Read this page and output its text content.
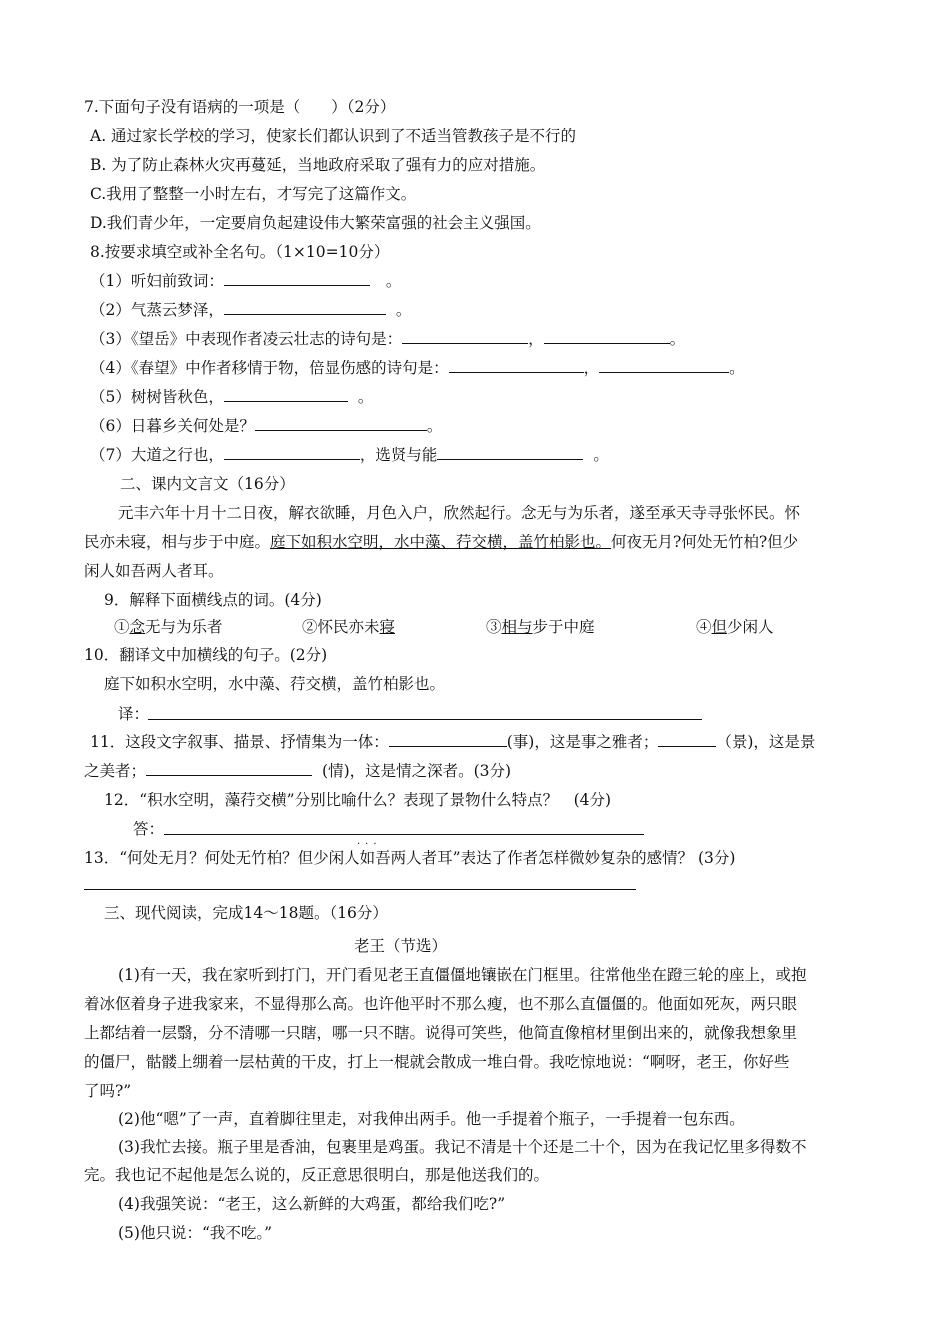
7.下面句子没有语病的一项是（　　）（2分）
A. 通过家长学校的学习，使家长们都认识到了不适当管教孩子是不行的
B. 为了防止森林火灾再蔓延，当地政府采取了强有力的应对措施。
C.我用了整整一小时左右，才写完了这篇作文。
D.我们青少年，一定要肩负起建设伟大繁荣富强的社会主义强国。
8.按要求填空或补全名句。（1×10=10分）
（1）听妇前致词：	。
（2）气蒸云梦泽，	。
（3）《望岳》中表现作者凌云壮志的诗句是：	，	。
（4）《春望》中作者移情于物，倍显伤感的诗句是：	，	。
（5）树树皆秋色，	。
（6）日暮乡关何处是？	。
（7）大道之行也，	，选贤与能	。
二、课内文言文（16分）
元丰六年十月十二日夜，解衣欲睡，月色入户，欣然起行。念无与为乐者，遂至承天寺寻张怀民。怀
民亦未寝，相与步于中庭。庭下如积水空明，水中藻、荇交横，盖竹柏影也。何夜无月?何处无竹柏?但少
闲人如吾两人者耳。
9．解释下面横线点的词。(4分)
①念无与为乐者	②怀民亦未寝	③相与步于中庭	④但少闲人
10．翻译文中加横线的句子。(2分)
庭下如积水空明，水中藻、荇交横，盖竹柏影也。
译：
11．这段文字叙事、描景、抒情集为一体：	(事)，这是事之雅者；	（景)，这是景
之美者；	(情)，这是情之深者。(3分)
12．“积水空明，藻荇交横”分别比喻什么？表现了景物什么特点？　(4分)
答：
···
13．“何处无月？何处无竹柏？但少闲人如吾两人者耳”表达了作者怎样微妙复杂的感情？ (3分)
三、现代阅读，完成14～18题。（16分）
老王（节选）
(1)有一天，我在家听到打门，开门看见老王直僵僵地镶嵌在门框里。往常他坐在蹬三轮的座上，或抱
着冰伛着身子进我家来，不显得那么高。也许他平时不那么瘦，也不那么直僵僵的。他面如死灰，两只眼
上都结着一层翳，分不清哪一只瞎，哪一只不瞎。说得可笑些，他简直像棺材里倒出来的，就像我想象里
的僵尸，骷髅上绷着一层枯黄的干皮，打上一棍就会散成一堆白骨。我吃惊地说：“啊呀，老王，你好些
了吗?”
(2)他“嗯”了一声，直着脚往里走，对我伸出两手。他一手提着个瓶子，一手提着一包东西。
(3)我忙去接。瓶子里是香油，包裹里是鸡蛋。我记不清是十个还是二十个，因为在我记忆里多得数不
完。我也记不起他是怎么说的，反正意思很明白，那是他送我们的。
(4)我强笑说：“老王，这么新鲜的大鸡蛋，都给我们吃?”
(5)他只说：“我不吃。”
